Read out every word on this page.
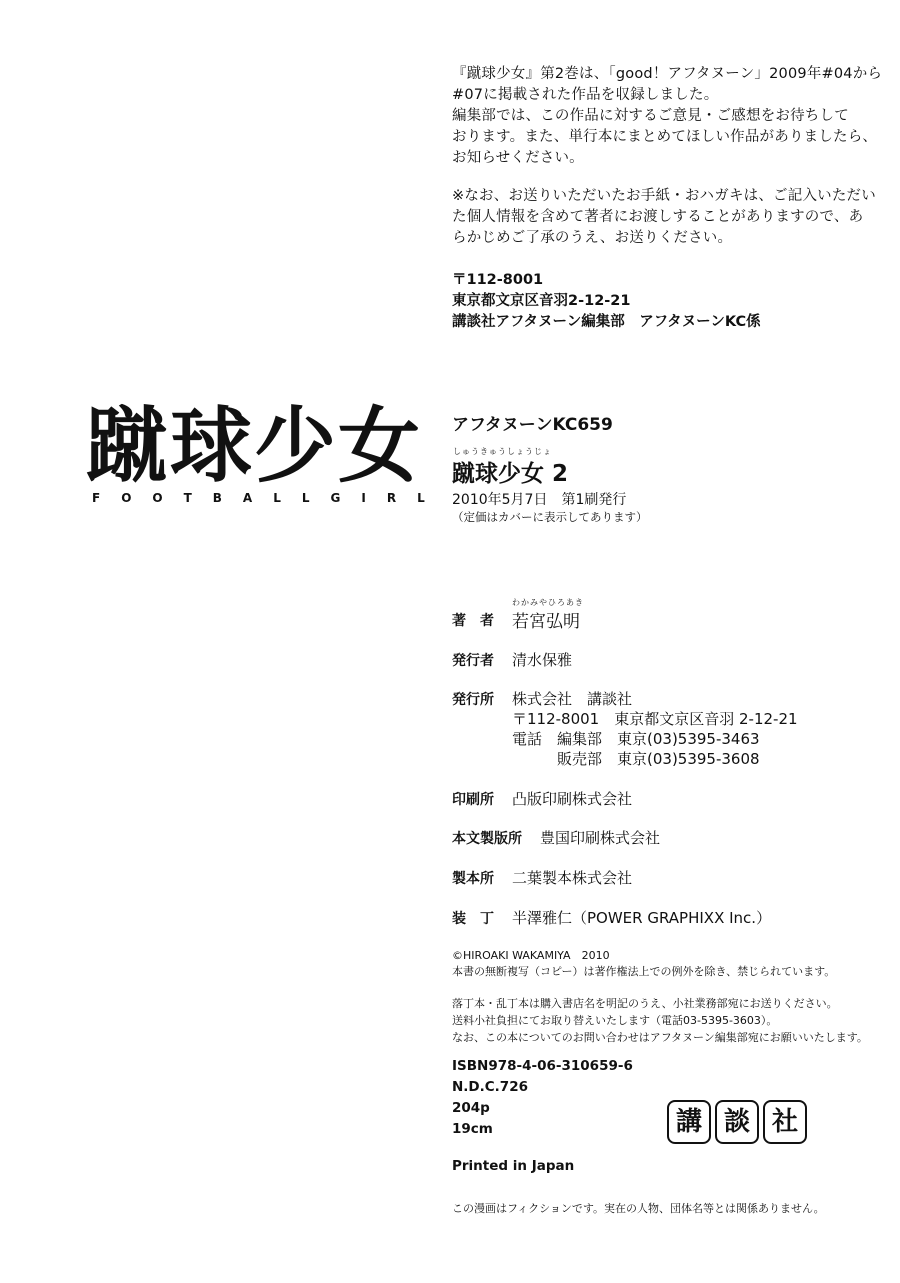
『蹴球少女』第2巻は、「good！アフタヌーン」2009年#04から

#07に掲載された作品を収録しました。

編集部では、この作品に対するご意見・ご感想をお待ちして

おります。また、単行本にまとめてほしい作品がありましたら、

お知らせください。

※なお、お送りいただいたお手紙・おハガキは、ご記入いただい

た個人情報を含めて著者にお渡しすることがありますので、あ

らかじめご了承のうえ、お送りください。

〒112-8001

東京都文京区音羽2-12-21

講談社アフタヌーン編集部　アフタヌーンKC係

蹴球少女
FOOTBALLGIRL
アフタヌーンKC659
しゅうきゅうしょうじょ
蹴球少女 2
2010年5月7日　第1刷発行
（定価はカバーに表示してあります）
わかみやひろあき
著　者 若宮弘明
発行者 清水保雅
発行所 株式会社　講談社
〒112-8001　東京都文京区音羽 2-12-21
電話 編集部 東京(03)5395-3463
販売部 東京(03)5395-3608
印刷所 凸版印刷株式会社
本文製版所 豊国印刷株式会社
製本所 二葉製本株式会社
装　丁 半澤雅仁（POWER GRAPHIXX Inc.）
©HIROAKI WAKAMIYA　2010
本書の無断複写（コピー）は著作権法上での例外を除き、禁じられています。
落丁本・乱丁本は購入書店名を明記のうえ、小社業務部宛にお送りください。
送料小社負担にてお取り替えいたします（電話03-5395-3603）。
なお、この本についてのお問い合わせはアフタヌーン編集部宛にお願いいたします。

ISBN978-4-06-310659-6

N.D.C.726

204p

19cm	講 談 社
Printed in Japan
この漫画はフィクションです。実在の人物、団体名等とは関係ありません。
